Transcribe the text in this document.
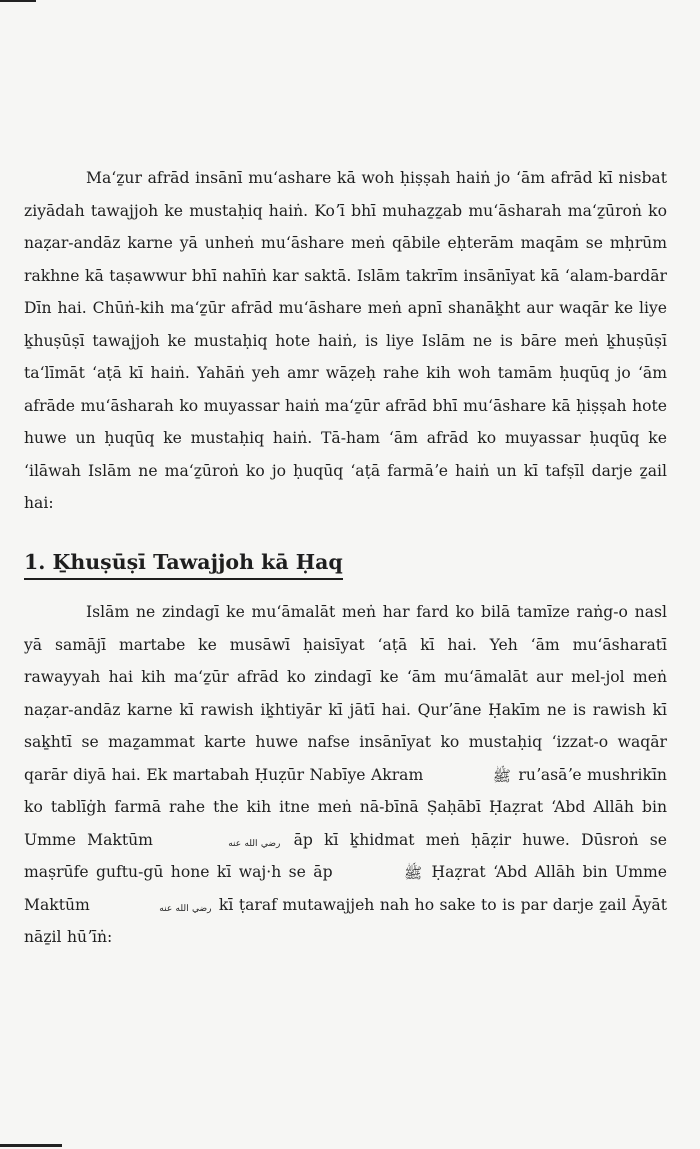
Maʻẕur afrād insānī muʻashare kā woh ḥiṣṣah haiṅ jo ʻām afrād kī nisbat ziyādah tawajjoh ke mustaḥiq haiṅ. Koʼī bhī muhaẕẕab muʻāsharah maʻẕūroṅ ko naẓar-andāz karne yā unheṅ muʻāshare meṅ qābile eḥterām maqām se mḥrūm rakhne kā taṣawwur bhī nahīṅ kar saktā. Islām takrīm insānīyat kā ʻalam-bardār Dīn hai. Chūṅ-kih maʻẕūr afrād muʻāshare meṅ apnī shanāḵht aur waqār ke liye ḵhuṣūṣī tawajjoh ke mustaḥiq hote haiṅ, is liye Islām ne is bāre meṅ ḵhuṣūṣī taʻlīmāt ʻaṭā kī haiṅ. Yahāṅ yeh amr wāẓeḥ rahe kih woh tamām ḥuqūq jo ʻām afrāde muʻāsharah ko muyassar haiṅ maʻẕūr afrād bhī muʻāshare kā ḥiṣṣah hote huwe un ḥuqūq ke mustaḥiq haiṅ. Tā-ham ʻām afrād ko muyassar ḥuqūq ke ʻilāwah Islām ne maʻẕūroṅ ko jo ḥuqūq ʻaṭā farmāʼe haiṅ un kī tafṣīl darje ẕail hai:

1. Ḵhuṣūṣī Tawajjoh kā Ḥaq

Islām ne zindagī ke muʻāmalāt meṅ har fard ko bilā tamīze raṅg-o nasl yā samājī martabe ke musāwī ḥaisīyat ʻaṭā kī hai. Yeh ʻām muʻāsharatī rawayyah hai kih maʻẕūr afrād ko zindagī ke ʻām muʻāmalāt aur mel-jol meṅ naẓar-andāz karne kī rawish iḵhtiyār kī jātī hai. Qurʼāne Ḥakīm ne is rawish kī saḵhtī se maẕammat karte huwe nafse insānīyat ko mustaḥiq ʻizzat-o waqār qarār diyā hai. Ek martabah Ḥuẓūr Nabīye Akram	ﷺ ruʼasāʼe mushrikīn ko tablīġh farmā rahe the kih itne meṅ nā-bīnā Ṣaḥābī Ḥaẓrat ʻAbd Allāh bin Umme Maktūm	رضي الله عنه āp kī ḵhidmat meṅ ḥāẓir huwe. Dūsroṅ se maṣrūfe guftu-gū hone kī waj·h se āp	ﷺ Ḥaẓrat ʻAbd Allāh bin Umme Maktūm	رضي الله عنه kī ṭaraf mutawajjeh nah ho sake to is par darje ẕail Āyāt nāẕil hūʼīṅ:
